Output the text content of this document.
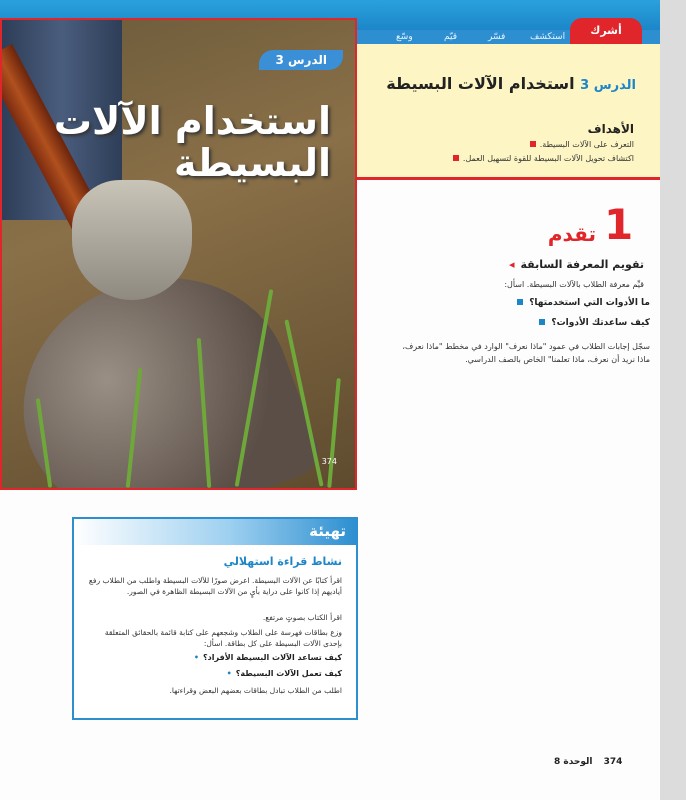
استكشف
فسّر
قيّم
وسّع	أشرك
الدرس 3
استخدام الآلات البسيطة
374
الدرس 3 استخدام الآلات البسيطة
الأهداف
التعرف على الآلات البسيطة.
اكتشاف تحويل الآلات البسيطة للقوة لتسهيل العمل.
1
تقدم
تقويم المعرفة السابقة ◂
قيِّم معرفة الطلاب بالآلات البسيطة. اسأل:
ما الأدوات التي استخدمتها؟
كيف ساعدتك الأدوات؟
سجّل إجابات الطلاب في عمود "ماذا نعرف" الوارد في مخطط "ماذا نعرف، ماذا نريد أن نعرف، ماذا تعلمنا" الخاص بالصف الدراسي.
تهيئة
نشاط قراءة استهلالي
اقرأ كتابًا عن الآلات البسيطة. اعرض صورًا للآلات البسيطة واطلب من الطلاب رفع أياديهم إذا كانوا على دراية بأيٍ من الآلات البسيطة الظاهرة في الصور.
اقرأ الكتاب بصوتٍ مرتفع.
وزع بطاقات فهرسة على الطلاب وشجعهم على كتابة قائمة بالحقائق المتعلقة بإحدى الآلات البسيطة على كل بطاقة. اسأل:
كيف تساعد الآلات البسيطة الأفراد؟ •
كيف تعمل الآلات البسيطة؟ •
اطلب من الطلاب تبادل بطاقات بعضهم البعض وقراءتها.
374 الوحدة 8
